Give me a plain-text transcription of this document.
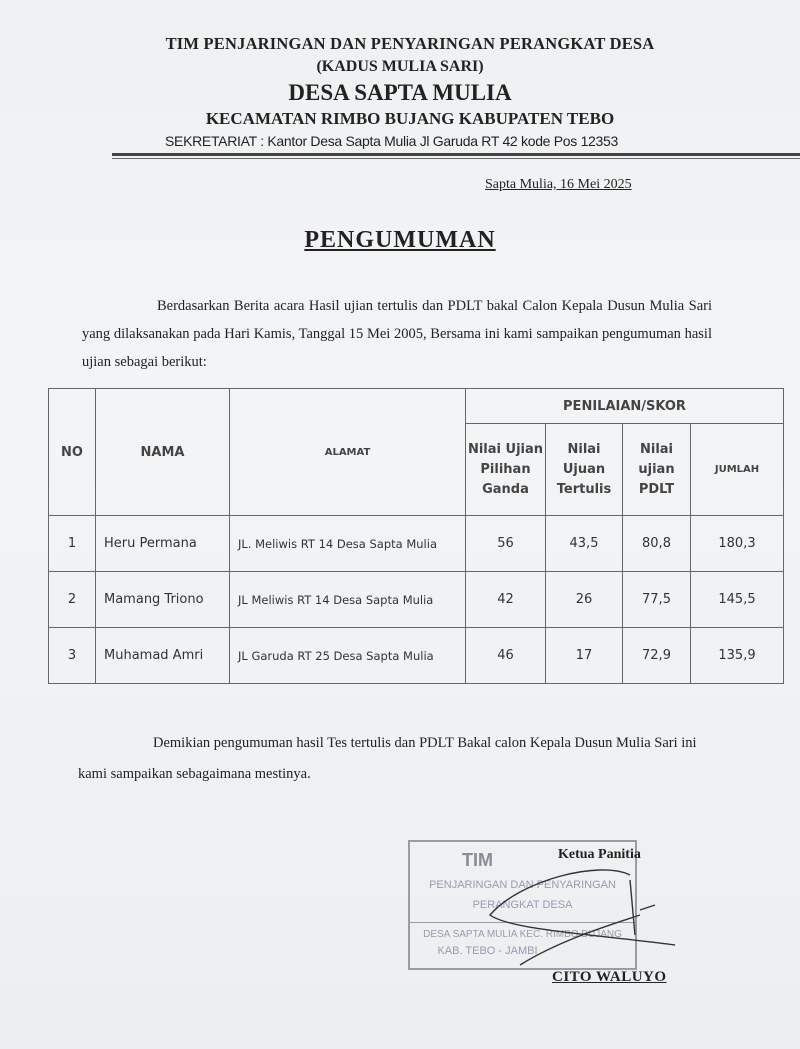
TIM PENJARINGAN DAN PENYARINGAN PERANGKAT DESA
(KADUS MULIA SARI)
DESA SAPTA MULIA
KECAMATAN RIMBO BUJANG KABUPATEN TEBO
SEKRETARIAT : Kantor Desa Sapta Mulia Jl Garuda RT 42 kode Pos 12353
Sapta Mulia, 16 Mei 2025
PENGUMUMAN
Berdasarkan Berita acara Hasil ujian tertulis dan PDLT bakal Calon Kepala Dusun Mulia Sari yang dilaksanakan pada Hari Kamis, Tanggal 15 Mei 2005, Bersama ini kami sampaikan pengumuman hasil ujian sebagai berikut:
NO	NAMA	ALAMAT	PENILAIAN/SKOR			
			Nilai Ujian Pilihan Ganda	Nilai Ujuan Tertulis	Nilai ujian PDLT	JUMLAH
1	Heru Permana	JL. Meliwis RT 14 Desa Sapta Mulia	56	43,5	80,8	180,3
2	Mamang Triono	JL Meliwis RT 14 Desa Sapta Mulia	42	26	77,5	145,5
3	Muhamad Amri	JL Garuda RT 25 Desa Sapta Mulia	46	17	72,9	135,9
Demikian pengumuman hasil Tes tertulis dan PDLT Bakal calon Kepala Dusun Mulia Sari ini kami sampaikan sebagaimana mestinya.
TIM
PENJARINGAN DAN PENYARINGAN
PERANGKAT DESA
DESA SAPTA MULIA KEC. RIMBO BUJANG
KAB. TEBO - JAMBI
Ketua Panitia
CITO WALUYO
